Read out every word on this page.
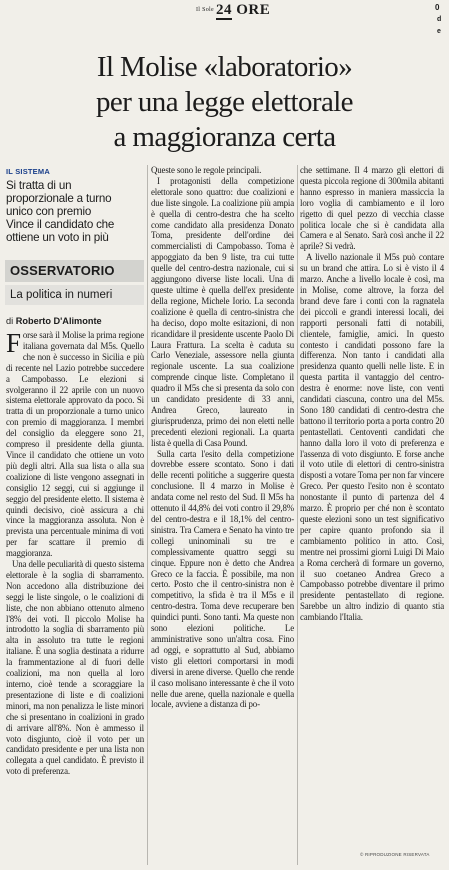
Il Sole 24 ORE	0
d
e
Il Molise «laboratorio»
per una legge elettorale
a maggioranza certa
IL SISTEMA
Si tratta di un
proporzionale a turno
unico con premio
Vince il candidato che
ottiene un voto in più
OSSERVATORIO
La politica in numeri
di Roberto D'Alimonte

Forse sarà il Molise la prima regione italiana governata dal M5s. Quello che non è successo in Sicilia e più di recente nel Lazio potrebbe succedere a Campobasso. Le elezioni si svolgeranno il 22 aprile con un nuovo sistema elettorale approvato da poco. Si tratta di un proporzionale a turno unico con premio di maggioranza. I membri del consiglio da eleggere sono 21, compreso il presidente della giunta. Vince il candidato che ottiene un voto più degli altri. Alla sua lista o alla sua coalizione di liste vengono assegnati in consiglio 12 seggi, cui si aggiunge il seggio del presidente eletto. Il sistema è quindi decisivo, cioè assicura a chi vince la maggioranza assoluta. Non è prevista una percentuale minima di voti per far scattare il premio di maggioranza.

Una delle peculiarità di questo sistema elettorale è la soglia di sbarramento. Non accedono alla distribuzione dei seggi le liste singole, o le coalizioni di liste, che non abbiano ottenuto almeno l'8% dei voti. Il piccolo Molise ha introdotto la soglia di sbarramento più alta in assoluto tra tutte le regioni italiane. È una soglia destinata a ridurre la frammentazione al di fuori delle coalizioni, ma non quella al loro interno, cioè tende a scoraggiare la presentazione di liste e di coalizioni minori, ma non penalizza le liste minori che si presentano in coalizioni in grado di arrivare all'8%. Non è ammesso il voto disgiunto, cioè il voto per un candidato presidente e per una lista non collegata a quel candidato. È previsto il voto di preferenza.

Queste sono le regole principali.

I protagonisti della competizione elettorale sono quattro: due coalizioni e due liste singole. La coalizione più ampia è quella di centro-destra che ha scelto come candidato alla presidenza Donato Toma, presidente dell'ordine dei commercialisti di Campobasso. Toma è appoggiato da ben 9 liste, tra cui tutte quelle del centro-destra nazionale, cui si aggiungono diverse liste locali. Una di queste ultime è quella dell'ex presidente della regione, Michele Iorio. La seconda coalizione è quella di centro-sinistra che ha deciso, dopo molte esitazioni, di non ricandidare il presidente uscente Paolo Di Laura Frattura. La scelta è caduta su Carlo Veneziale, assessore nella giunta regionale uscente. La sua coalizione comprende cinque liste. Completano il quadro il M5s che si presenta da solo con un candidato presidente di 33 anni, Andrea Greco, laureato in giurisprudenza, primo dei non eletti nelle precedenti elezioni regionali. La quarta lista è quella di Casa Pound.

Sulla carta l'esito della competizione dovrebbe essere scontato. Sono i dati delle recenti politiche a suggerire questa conclusione. Il 4 marzo in Molise è andata come nel resto del Sud. Il M5s ha ottenuto il 44,8% dei voti contro il 29,8% del centro-destra e il 18,1% del centro-sinistra. Tra Camera e Senato ha vinto tre collegi uninominali su tre e complessivamente quattro seggi su cinque. Eppure non è detto che Andrea Greco ce la faccia. È possibile, ma non certo. Posto che il centro-sinistra non è competitivo, la sfida è tra il M5s e il centro-destra. Toma deve recuperare ben quindici punti. Sono tanti. Ma queste non sono elezioni politiche. Le amministrative sono un'altra cosa. Fino ad oggi, e soprattutto al Sud, abbiamo visto gli elettori comportarsi in modi diversi in arene diverse. Quello che rende il caso molisano interessante è che il voto nelle due arene, quella nazionale e quella locale, avviene a distanza di po-

che settimane. Il 4 marzo gli elettori di questa piccola regione di 300mila abitanti hanno espresso in maniera massiccia la loro voglia di cambiamento e il loro rigetto di quel pezzo di vecchia classe politica locale che si è candidata alla Camera e al Senato. Sarà così anche il 22 aprile? Si vedrà.

A livello nazionale il M5s può contare su un brand che attira. Lo si è visto il 4 marzo. Anche a livello locale è così, ma in Molise, come altrove, la forza del brand deve fare i conti con la ragnatela dei piccoli e grandi interessi locali, dei rapporti personali fatti di notabili, clientele, famiglie, amici. In questo contesto i candidati possono fare la differenza. Non tanto i candidati alla presidenza quanto quelli nelle liste. E in questa partita il vantaggio del centro-destra è enorme: nove liste, con venti candidati ciascuna, contro una del M5s. Sono 180 candidati di centro-destra che battono il territorio porta a porta contro 20 pentastellati. Centoventi candidati che hanno dalla loro il voto di preferenza e l'assenza di voto disgiunto. E forse anche il voto utile di elettori di centro-sinistra disposti a votare Toma per non far vincere Greco. Per questo l'esito non è scontato nonostante il punto di partenza del 4 marzo. È proprio per ché non è scontato queste elezioni sono un test significativo per capire quanto profondo sia il cambiamento politico in atto. Così, mentre nei prossimi giorni Luigi Di Maio a Roma cercherà di formare un governo, il suo coetaneo Andrea Greco a Campobasso potrebbe diventare il primo presidente pentastellato di regione. Sarebbe un altro indizio di quanto stia cambiando l'Italia.

© RIPRODUZIONE RISERVATA
